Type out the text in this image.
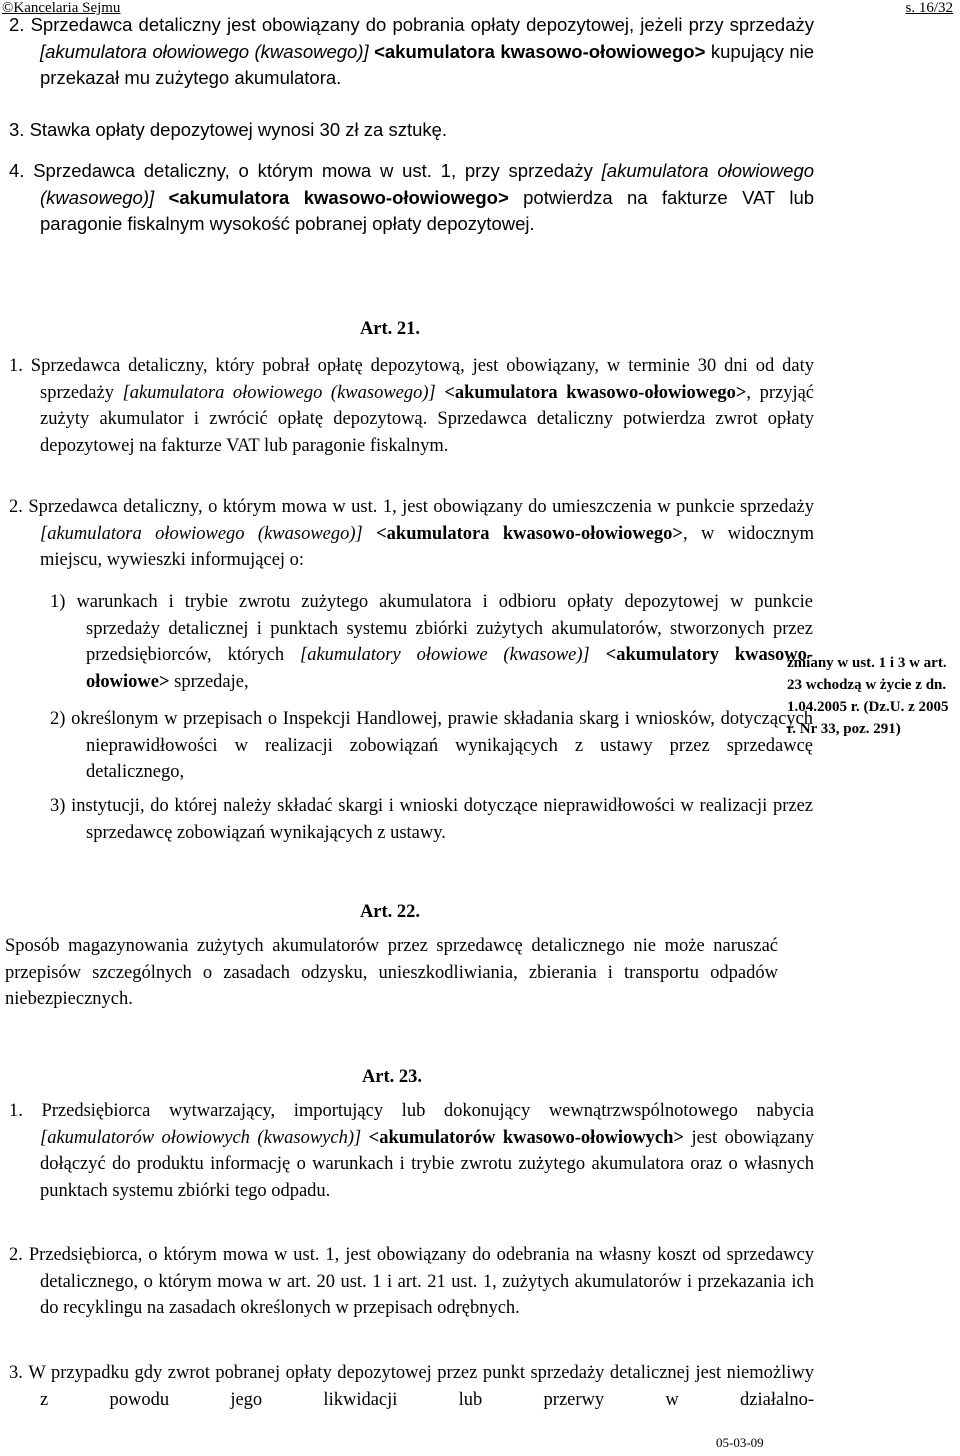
©Kancelaria Sejmu	s. 16/32

2. Sprzedawca detaliczny jest obowiązany do pobrania opłaty depozytowej, jeżeli przy sprzedaży [akumulatora ołowiowego (kwasowego)] <akumulatora kwasowo-ołowiowego> kupujący nie przekazał mu zużytego akumulatora.

3. Stawka opłaty depozytowej wynosi 30 zł za sztukę.

4. Sprzedawca detaliczny, o którym mowa w ust. 1, przy sprzedaży [akumulatora ołowiowego (kwasowego)] <akumulatora kwasowo-ołowiowego> potwierdza na fakturze VAT lub paragonie fiskalnym wysokość pobranej opłaty depozytowej.

Art. 21.

1. Sprzedawca detaliczny, który pobrał opłatę depozytową, jest obowiązany, w terminie 30 dni od daty sprzedaży [akumulatora ołowiowego (kwasowego)] <akumulatora kwasowo-ołowiowego>, przyjąć zużyty akumulator i zwrócić opłatę depozytową. Sprzedawca detaliczny potwierdza zwrot opłaty depozytowej na fakturze VAT lub paragonie fiskalnym.

2. Sprzedawca detaliczny, o którym mowa w ust. 1, jest obowiązany do umieszczenia w punkcie sprzedaży [akumulatora ołowiowego (kwasowego)] <akumulatora kwasowo-ołowiowego>, w widocznym miejscu, wywieszki informującej o:

1) warunkach i trybie zwrotu zużytego akumulatora i odbioru opłaty depozytowej w punkcie sprzedaży detalicznej i punktach systemu zbiórki zużytych akumulatorów, stworzonych przez przedsiębiorców, których [akumulatory ołowiowe (kwasowe)] <akumulatory kwasowo-ołowiowe> sprzedaje,

2) określonym w przepisach o Inspekcji Handlowej, prawie składania skarg i wniosków, dotyczących nieprawidłowości w realizacji zobowiązań wynikających z ustawy przez sprzedawcę detalicznego,

3) instytucji, do której należy składać skargi i wnioski dotyczące nieprawidłowości w realizacji przez sprzedawcę zobowiązań wynikających z ustawy.

zmiany w ust. 1 i 3 w art. 23 wchodzą w życie z dn. 1.04.2005 r. (Dz.U. z 2005 r. Nr 33, poz. 291)

Art. 22.

Sposób magazynowania zużytych akumulatorów przez sprzedawcę detalicznego nie może naruszać przepisów szczególnych o zasadach odzysku, unieszkodliwiania, zbierania i transportu odpadów niebezpiecznych.

Art. 23.

1. Przedsiębiorca wytwarzający, importujący lub dokonujący wewnątrzwspólnotowego nabycia [akumulatorów ołowiowych (kwasowych)] <akumulatorów kwasowo-ołowiowych> jest obowiązany dołączyć do produktu informację o warunkach i trybie zwrotu zużytego akumulatora oraz o własnych punktach systemu zbiórki tego odpadu.

2. Przedsiębiorca, o którym mowa w ust. 1, jest obowiązany do odebrania na własny koszt od sprzedawcy detalicznego, o którym mowa w art. 20 ust. 1 i art. 21 ust. 1, zużytych akumulatorów i przekazania ich do recyklingu na zasadach określonych w przepisach odrębnych.

3. W przypadku gdy zwrot pobranej opłaty depozytowej przez punkt sprzedaży detalicznej jest niemożliwy z powodu jego likwidacji lub przerwy w działalno-

05-03-09
